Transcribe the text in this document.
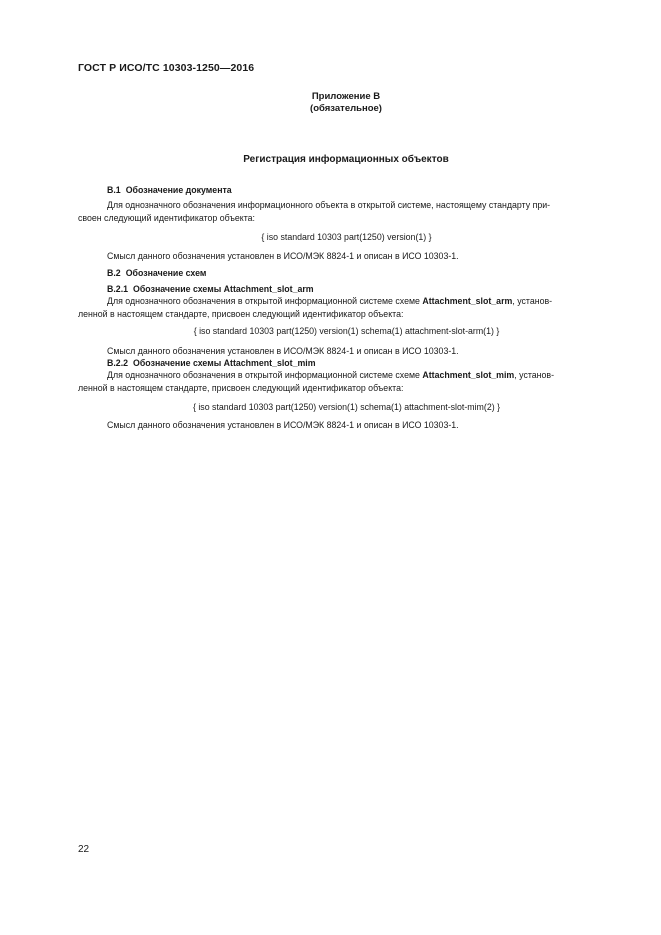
ГОСТ Р ИСО/ТС 10303-1250—2016
Приложение В
(обязательное)
Регистрация информационных объектов
В.1 Обозначение документа
Для однозначного обозначения информационного объекта в открытой системе, настоящему стандарту при-
своен следующий идентификатор объекта:
{ iso standard 10303 part(1250) version(1) }
Смысл данного обозначения установлен в ИСО/МЭК 8824-1 и описан в ИСО 10303-1.
В.2 Обозначение схем
В.2.1 Обозначение схемы Attachment_slot_arm
Для однозначного обозначения в открытой информационной системе схеме Attachment_slot_arm, установ-
ленной в настоящем стандарте, присвоен следующий идентификатор объекта:
{ iso standard 10303 part(1250) version(1) schema(1) attachment-slot-arm(1) }
Смысл данного обозначения установлен в ИСО/МЭК 8824-1 и описан в ИСО 10303-1.
В.2.2 Обозначение схемы Attachment_slot_mim
Для однозначного обозначения в открытой информационной системе схеме Attachment_slot_mim, установ-
ленной в настоящем стандарте, присвоен следующий идентификатор объекта:
{ iso standard 10303 part(1250) version(1) schema(1) attachment-slot-mim(2) }
Смысл данного обозначения установлен в ИСО/МЭК 8824-1 и описан в ИСО 10303-1.
22
